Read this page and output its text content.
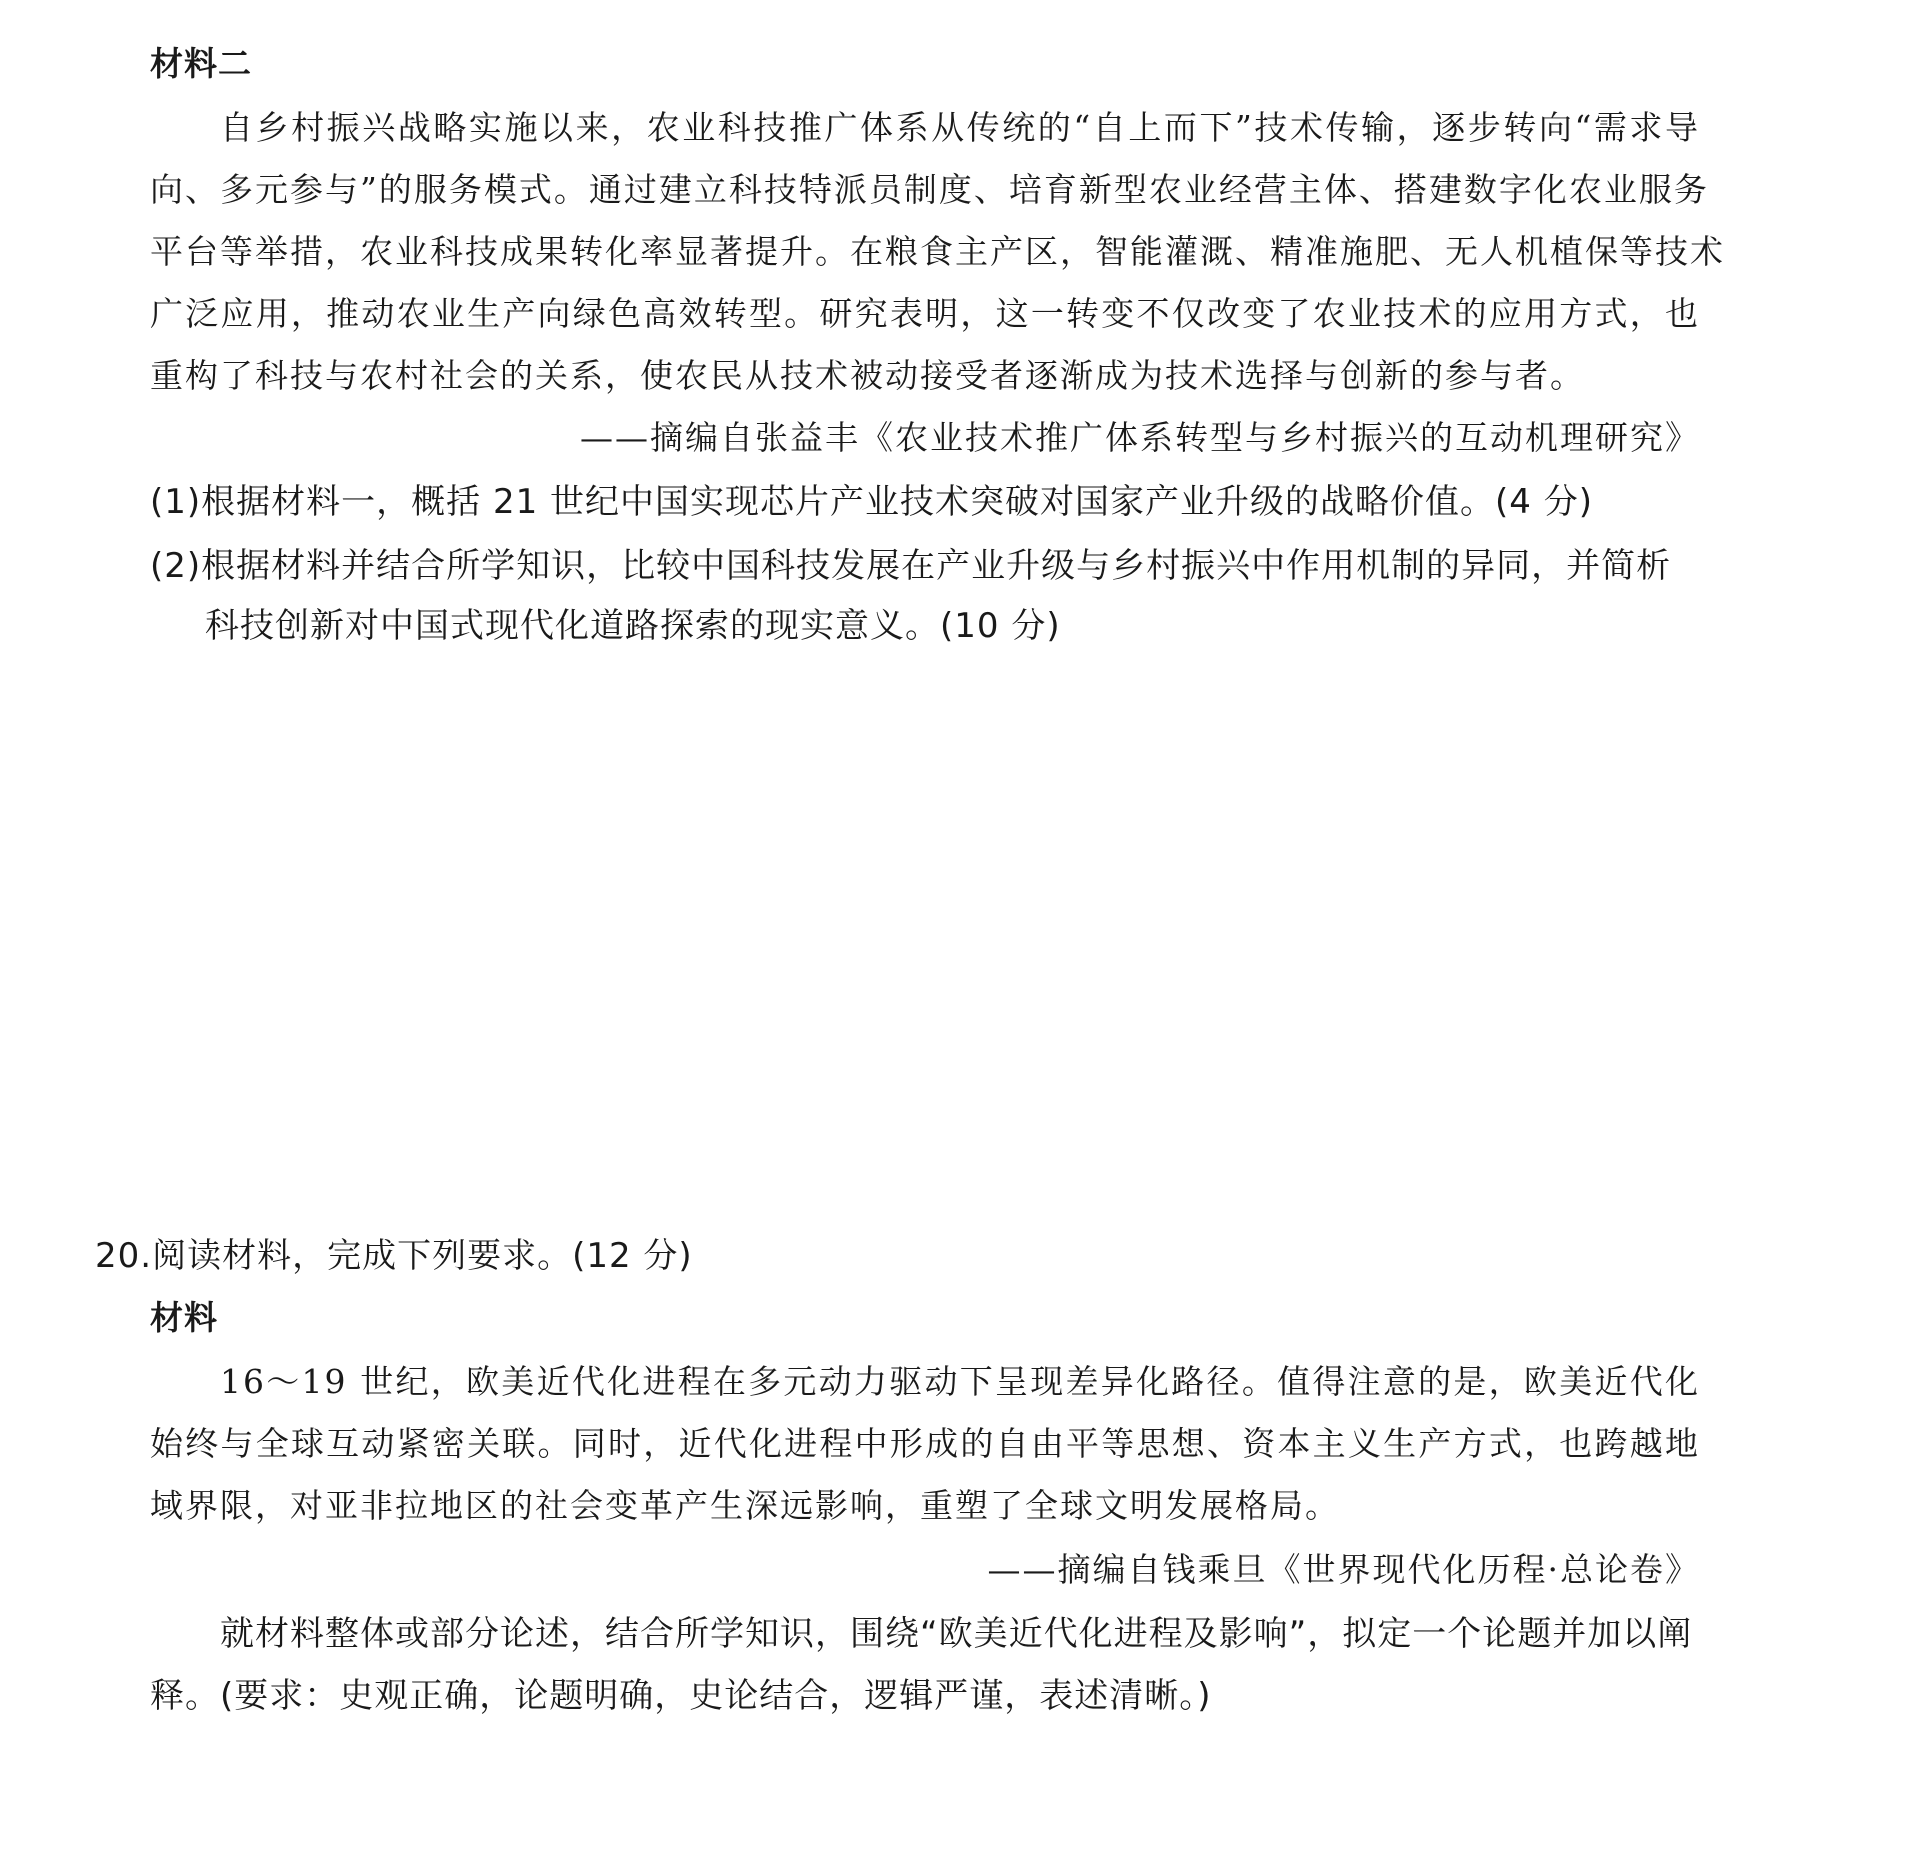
材料二
自乡村振兴战略实施以来，农业科技推广体系从传统的“自上而下”技术传输，逐步转向“需求导
向、多元参与”的服务模式。通过建立科技特派员制度、培育新型农业经营主体、搭建数字化农业服务
平台等举措，农业科技成果转化率显著提升。在粮食主产区，智能灌溉、精准施肥、无人机植保等技术
广泛应用，推动农业生产向绿色高效转型。研究表明，这一转变不仅改变了农业技术的应用方式，也
重构了科技与农村社会的关系，使农民从技术被动接受者逐渐成为技术选择与创新的参与者。
——摘编自张益丰《农业技术推广体系转型与乡村振兴的互动机理研究》
(1)根据材料一，概括 21 世纪中国实现芯片产业技术突破对国家产业升级的战略价值。(4 分)
(2)根据材料并结合所学知识，比较中国科技发展在产业升级与乡村振兴中作用机制的异同，并简析
科技创新对中国式现代化道路探索的现实意义。(10 分)
20.阅读材料，完成下列要求。(12 分)
材料
16～19 世纪，欧美近代化进程在多元动力驱动下呈现差异化路径。值得注意的是，欧美近代化
始终与全球互动紧密关联。同时，近代化进程中形成的自由平等思想、资本主义生产方式，也跨越地
域界限，对亚非拉地区的社会变革产生深远影响，重塑了全球文明发展格局。
——摘编自钱乘旦《世界现代化历程·总论卷》
就材料整体或部分论述，结合所学知识，围绕“欧美近代化进程及影响”，拟定一个论题并加以阐
释。(要求：史观正确，论题明确，史论结合，逻辑严谨，表述清晰。)
